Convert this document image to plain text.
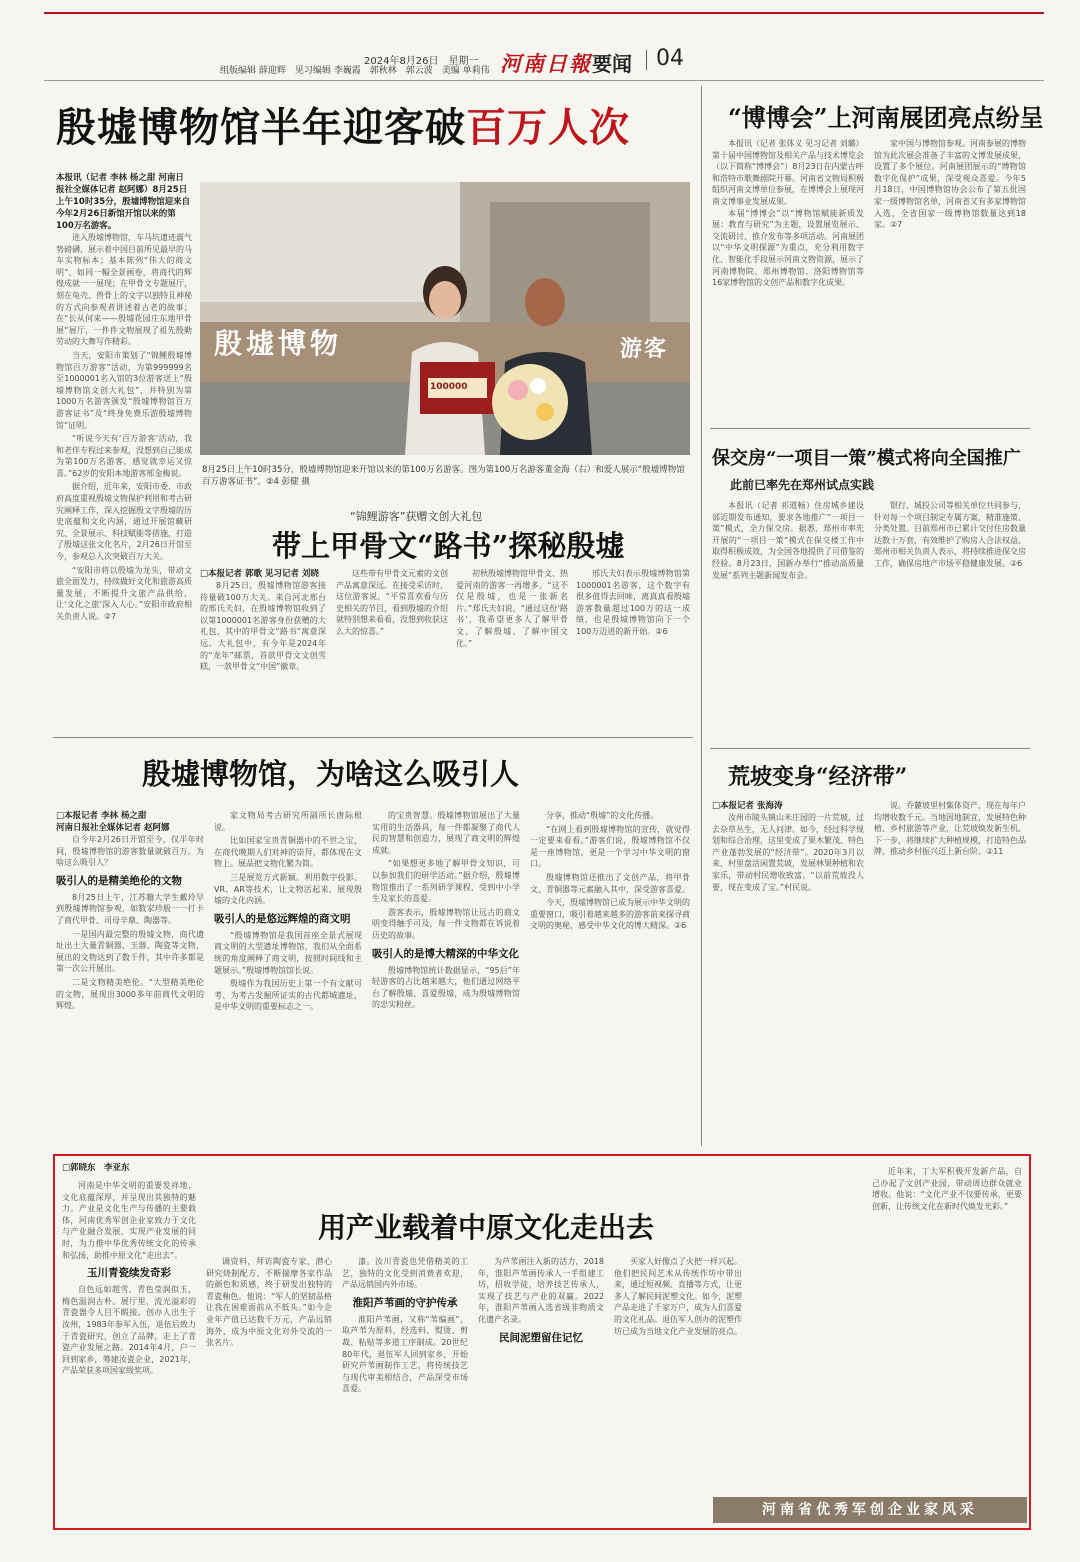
2024年8月26日　星期一
组版编辑 薛迎辉　见习编辑 李巍霞　郭秋林　郭云波　美编 单莉伟 河南日報 要闻 04
殷墟博物馆半年迎客破百万人次
本报讯（记者 李林 杨之甜 河南日报社全媒体记者 赵阿娜）8月25日上午10时35分，殷墟博物馆迎来自今年2月26日新馆开馆以来的第100万名游客。

进入殷墟博物馆，车马坑遗迹震气势磅礴，展示着中国目前所见最早的马车实物标本；基本陈列“伟大的商文明”，如同一幅全景画卷，将商代的辉煌成就一一展现；在甲骨文专题展厅，刻在龟壳、兽骨上的文字以独特且神秘的方式向参观者讲述着古老的故事；在“长从何来——殷墟花园庄东地甲骨展”展厅，一件件文物展现了祖先殷勤劳动的大舞写作精彩。

当天，安阳市策划了“锦鲤殷墟博物馆百万游客”活动，为第999999名至1000001名入馆的3位游客送上“殷墟博物馆文创大礼包”，并特别为第1000万名游客颁发“殷墟博物馆百万游客证书”及“终身免费乐游殷墟博物馆”证明。

“听说今天有‘百万游客’活动，我和老伴专程过来参观，没想到自己能成为第100万名游客，感觉就幸运又惊喜。”62岁的安阳本地游客邢金梅说。

据介绍，近年来，安阳市委、市政府高度重视殷墟文物保护利用和考古研究阐释工作，深入挖掘殷文字殷墟的历史底蕴和文化内涵，通过开展馆藏研究、全景展示、科技赋能等措施，打造了殷墟这张文化名片，2月26日开馆至今，参观总人次突破百万大关。

“安阳市将以殷墟为龙头，带动文旅全面发力，持续做好文化和旅游高质量发展，不断提升文旅产品供给，让‘文化之旅’深入人心。”安阳市政府相关负责人说。②7

殷墟博物	游客
100000
8月25日上午10时35分，殷墟博物馆迎来开馆以来的第100万名游客。图为第100万名游客董金海（右）和爱人展示“殷墟博物馆百万游客证书”。②4 彭健 摄
“锦鲤游客”获赠文创大礼包
带上甲骨文“路书”探秘殷墟
□本报记者 郭歌 见习记者 刘晓

8月25日，殷墟博物馆游客接待量破100万大关。来自河北邢台的邢氏夫妇，在殷墟博物馆收到了以第1000001名游客身份获赠的大礼包，其中的甲骨文“路书”寓意深远。大礼包中，有今年是2024年的“龙年”邮票，首款甲骨文文创雪糕，一款甲骨文“中国”徽章。

这些带有甲骨文元素的文创产品寓意深远。在接受采访时，这位游客说，“平常喜欢看与历史相关的节目，看到殷墟的介绍就特别想来看看，没想到收获这么大的惊喜。”

初秋殷墟博物馆甲骨文、热爱河南的游客一再增多。“这不仅是殷墟，也是一张新名片。”郑氏夫妇说，“通过这份‘路书’，我希望更多人了解甲骨文，了解殷墟，了解中国文化。”

邢氏夫妇表示殷墟博物馆第1000001名游客，这个数字有很多值得去回味，离真真看殷墟游客数量超过100万的这一成绩，也是殷墟博物馆向下一个100万迈进的新开始。②6

殷墟博物馆，为啥这么吸引人
□本报记者 李林 杨之甜
河南日报社全媒体记者 赵阿娜

自今年2月26日开馆至今，仅半年时间，殷墟博物馆的游客数量就破百万。为啥这么吸引人？

吸引人的是精美绝伦的文物

8月25日上午，江苏籍大学生戴玲早到殷墟博物馆参观，如数家珍般一一打卡了商代甲骨、司母辛鼎、陶器等。

一是国内最完整的殷墟文物，商代遗址出土大量青铜器、玉器、陶瓷等文物，展出的文物达到了数千件，其中许多都是第一次公开展出。

二是文物精美绝伦。“大型精美绝伦的文物，展现出3000多年前商代文明的辉煌。

家文物局考古研究所副所长唐际根说。

比如国家宝贵青铜器中的不世之宝，在商代晚期人们对神的崇拜，都体现在文物上。展品把文物化繁为简。

三是展览方式新颖。利用数字投影、VR、AR等技术，让文物活起来，展现殷墟的文化内涵。

吸引人的是悠远辉煌的商文明

“殷墟博物馆是我国首座全景式展现商文明的大型遗址博物馆，我们从全面系统的角度阐释了商文明，按照时间线和主题展示。”殷墟博物馆馆长说。

殷墟作为我国历史上第一个有文献可考、为考古发掘所证实的古代都城遗址，是中华文明的重要标志之一。

的宝贵智慧。殷墟博物馆展出了大量实用的生活器具，每一件都凝聚了商代人民的智慧和创造力，展现了商文明的辉煌成就。

“如果想更多地了解甲骨文知识，可以参加我们的研学活动。”据介绍，殷墟博物馆推出了一系列研学课程，受到中小学生及家长的喜爱。

游客表示，殷墟博物馆让远古的商文明变得触手可及，每一件文物都在诉说着历史的故事。

吸引人的是博大精深的中华文化

殷墟博物馆统计数据显示，“95后”年轻游客的占比越来越大，他们通过网络平台了解殷墟、喜爱殷墟，成为殷墟博物馆的忠实粉丝。

分享，推动“殷墟”的文化传播。

“在网上看到殷墟博物馆的宣传，就觉得一定要来看看。”游客们说，殷墟博物馆不仅是一座博物馆，更是一个学习中华文明的窗口。

殷墟博物馆还推出了文创产品，将甲骨文、青铜器等元素融入其中，深受游客喜爱。

今天，殷墟博物馆已成为展示中华文明的重要窗口，吸引着越来越多的游客前来探寻商文明的奥秘，感受中华文化的博大精深。②6

“博博会”上河南展团亮点纷呈
本报讯（记者 张体义 见习记者 刘璐）第十届中国博物馆及相关产品与技术博览会（以下简称“博博会”）8月23日在内蒙古呼和浩特市歌舞剧院开幕。河南省文物局积极组织河南文博单位参展，在博博会上展现河南文博事业发展成果。

本届“博博会”以“博物馆赋能新质发展：教育与研究”为主题，设置展览展示、交流研讨、推介发布等多项活动。河南展团以“中华文明探源”为重点，充分利用数字化、智能化手段展示河南文物资源，展示了河南博物院、郑州博物馆、洛阳博物馆等16家博物馆的文创产品和数字化成果。

家中国与博物馆参观。河南参展的博物馆为此次展会准备了丰富的文博发展成果，设置了多个展位。河南展团展示的“博物馆数字化保护”成果，深受观众喜爱。今年5月18日，中国博物馆协会公布了第五批国家一级博物馆名单，河南省又有多家博物馆入选，全省国家一级博物馆数量达到18家。②7

保交房“一项目一策”模式将向全国推广
此前已率先在郑州试点实践

本报讯（记者 祁道畅）住房城乡建设部近期发布通知，要求各地推广“一项目一策”模式，全力保交房。据悉，郑州市率先开展的“一项目一策”模式在保交楼工作中取得积极成效，为全国各地提供了可借鉴的经验。8月23日，国新办举行“推动高质量发展”系列主题新闻发布会。

银行、城投公司等相关单位共同参与，针对每一个项目制定专属方案，精准施策、分类处置。目前郑州市已累计交付住房数量达数十万套，有效维护了购房人合法权益。郑州市相关负责人表示，将持续推进保交房工作，确保房地产市场平稳健康发展。②6

荒坡变身“经济带”
□本报记者 张海涛

汝州市陵头镇山米庄园的一片荒坡，过去杂草丛生，无人问津。如今，经过科学规划和综合治理，这里变成了果木繁茂、特色产业蓬勃发展的“经济带”。2020年3月以来，村里盘活闲置荒坡，发展林果种植和农家乐，带动村民增收致富。“以前荒坡没人要，现在变成了宝。”村民说。

说。乔麓坡里村集体资产，现在每年户均增收数千元。当地因地制宜，发展特色种植、乡村旅游等产业，让荒坡焕发新生机。下一步，将继续扩大种植规模，打造特色品牌，推动乡村振兴迈上新台阶。②11

□郭晓东　李亚东
用产业载着中原文化走出去

河南是中华文明的重要发祥地，文化底蕴深厚，并呈现出其独特的魅力。产业是文化生产与传播的主要载体，河南优秀军创企业家致力于文化与产业融合发展，实现产业发展的同时，为力推中华优秀传统文化的传承和弘扬，助推中原文化“走出去”。

玉川青瓷续发奇彩

自色远如超雪，青色莹润似玉，梅色温润古朴。展厅里，流光溢彩的青瓷器令人目不暇接。创办人出生于汝州，1983年参军入伍，退伍后致力于青瓷研究，创立了品牌，走上了青瓷产业发展之路。2014年4月，户一回到家乡，筹建汝瓷企业，2021年，产品荣获多项国家级奖项。

调资料，拜访陶瓷专家，潜心研究烧制配方，不断揣摩各家作品的颜色和质感，终于研发出独特的青瓷釉色。他说：“军人的坚韧品格让我在困难面前从不低头。”如今企业年产值已达数千万元，产品远销海外，成为中原文化对外交流的一张名片。

漆。汝川青瓷也凭借精美的工艺，独特的文化受到消费者欢迎，产品远销国内外市场。

淮阳芦苇画的守护传承

淮阳芦苇画，又称“苇编画”，取芦苇为原料，经选料、熨烫、剪裁、粘贴等多道工序制成。20世纪80年代，退伍军人回到家乡，开始研究芦苇画制作工艺，将传统技艺与现代审美相结合，产品深受市场喜爱。

为芦苇画注入新的活力，2018年，淮阳芦苇画传承人一手组建工坊，招收学徒，培养技艺传承人，实现了技艺与产业的双赢。2022年，淮阳芦苇画入选省级非物质文化遗产名录。

民间泥塑留住记忆

买家人好像点了火把一样兴起。他们把民间艺术从传统作坊中带出来，通过短视频、直播等方式，让更多人了解民间泥塑文化。如今，泥塑产品走进了千家万户，成为人们喜爱的文化礼品。退伍军人创办的泥塑作坊已成为当地文化产业发展的亮点。

近年来，丁大军积极开发新产品，自己办起了文创产业园，带动周边群众就业增收。他说：“文化产业不仅要传承，更要创新，让传统文化在新时代焕发光彩。”

河南省优秀军创企业家风采
